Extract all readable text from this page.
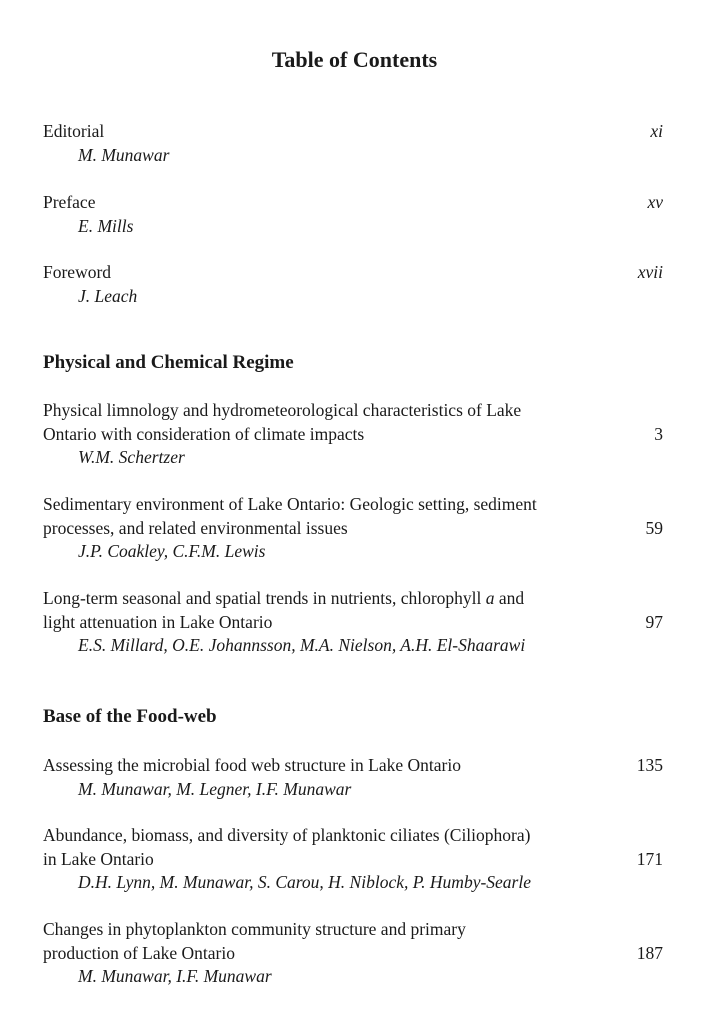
Table of Contents
Editorial	xi
M. Munawar
Preface	xv
E. Mills
Foreword	xvii
J. Leach
Physical and Chemical Regime
Physical limnology and hydrometeorological characteristics of Lake
Ontario with consideration of climate impacts	3
W.M. Schertzer
Sedimentary environment of Lake Ontario: Geologic setting, sediment
processes, and related environmental issues	59
J.P. Coakley, C.F.M. Lewis
Long-term seasonal and spatial trends in nutrients, chlorophyll a and
light attenuation in Lake Ontario	97
E.S. Millard, O.E. Johannsson, M.A. Nielson, A.H. El-Shaarawi
Base of the Food-web
Assessing the microbial food web structure in Lake Ontario	135
M. Munawar, M. Legner, I.F. Munawar
Abundance, biomass, and diversity of planktonic ciliates (Ciliophora)
in Lake Ontario	171
D.H. Lynn, M. Munawar, S. Carou, H. Niblock, P. Humby-Searle
Changes in phytoplankton community structure and primary
production of Lake Ontario	187
M. Munawar, I.F. Munawar
